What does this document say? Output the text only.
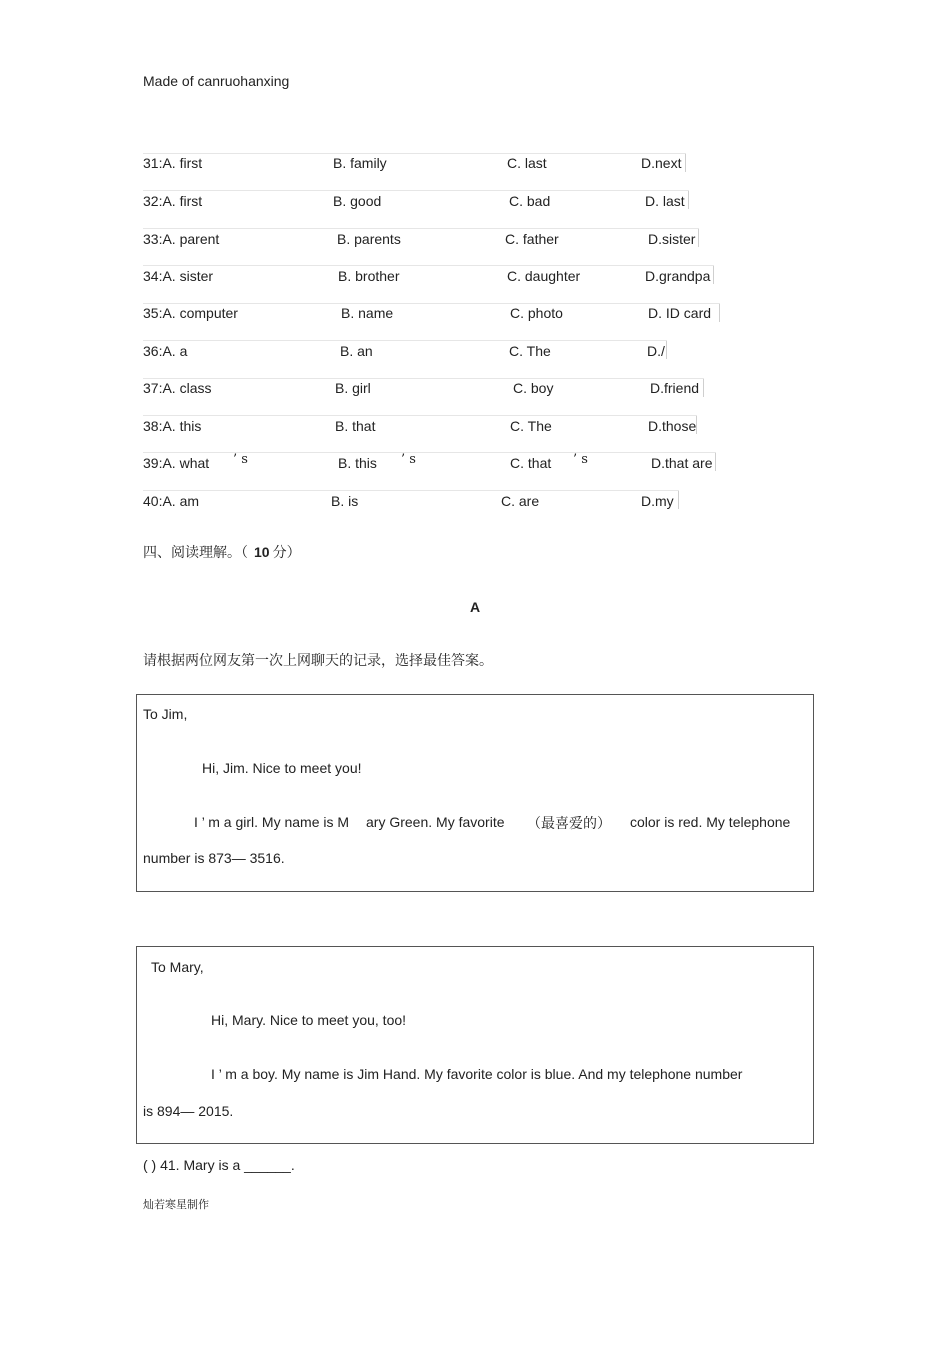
Made of canruohanxing
31:A. first	B. family	C. last	D.next
32:A. first	B. good	C. bad	D. last
33:A. parent	B. parents	C. father	D.sister
34:A. sister	B. brother	C. daughter	D.grandpa
35:A. computer	B. name	C. photo	D. ID card
36:A. a	B. an	C. The	D./
37:A. class	B. girl	C. boy	D.friend
38:A. this	B. that	C. The	D.those
39:A. what ’ s	B. this ’ s	C. that ’ s	D.that are
40:A. am	B. is	C. are	D.my
四、阅读理解。（ 10 分）
A
请根据两位网友第一次上网聊天的记录，选择最佳答案。
To Jim,
Hi, Jim. Nice to meet you!
I ’ m a girl. My name is M ary Green. My favorite （最喜爱的） color is red. My telephone
number is 873— 3516.
To Mary,
Hi, Mary. Nice to meet you, too!
I ’ m a boy. My name is Jim Hand. My favorite color is blue. And my telephone number
is 894— 2015.
( ) 41. Mary is a ______.
灿若寒星制作
